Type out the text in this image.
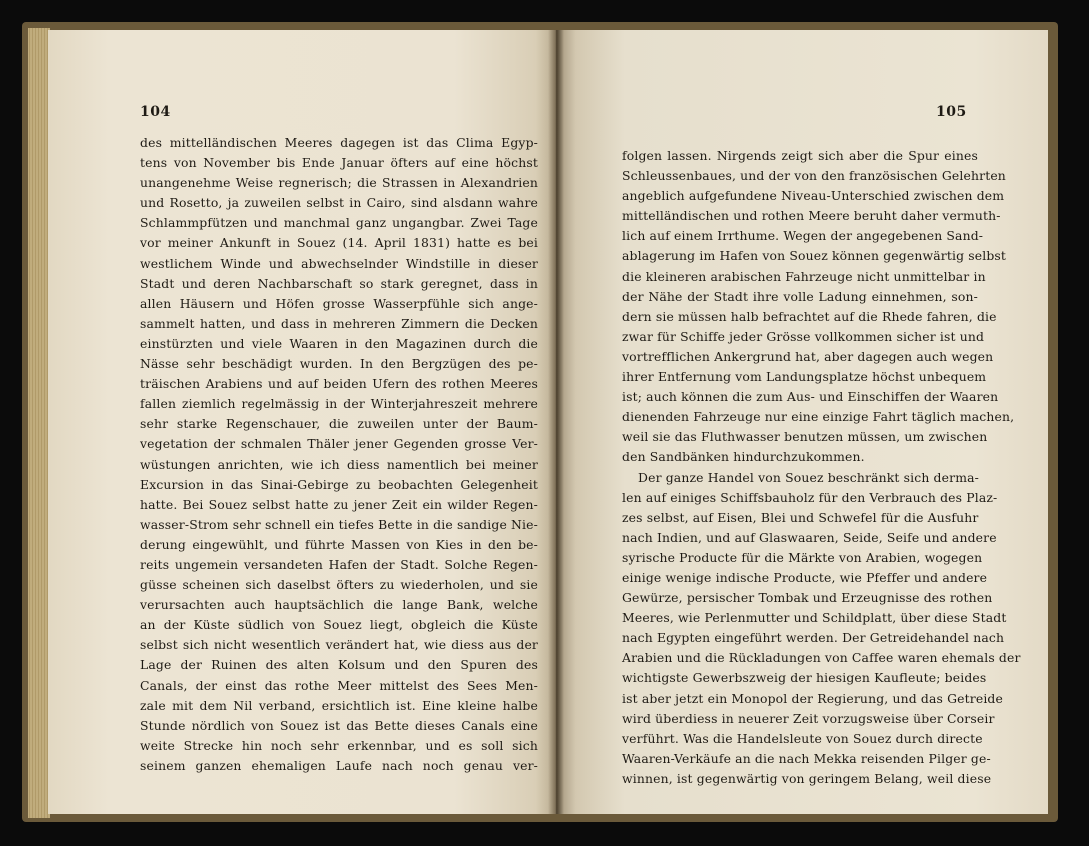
104
des mittelländischen Meeres dagegen ist das Clima Egyp-
tens von November bis Ende Januar öfters auf eine höchst
unangenehme Weise regnerisch; die Strassen in Alexandrien
und Rosetto, ja zuweilen selbst in Cairo, sind alsdann wahre
Schlammpfützen und manchmal ganz ungangbar. Zwei Tage
vor meiner Ankunft in Souez (14. April 1831) hatte es bei
westlichem Winde und abwechselnder Windstille in dieser
Stadt und deren Nachbarschaft so stark geregnet, dass in
allen Häusern und Höfen grosse Wasserpfühle sich ange-
sammelt hatten, und dass in mehreren Zimmern die Decken
einstürzten und viele Waaren in den Magazinen durch die
Nässe sehr beschädigt wurden. In den Bergzügen des pe-
träischen Arabiens und auf beiden Ufern des rothen Meeres
fallen ziemlich regelmässig in der Winterjahreszeit mehrere
sehr starke Regenschauer, die zuweilen unter der Baum-
vegetation der schmalen Thäler jener Gegenden grosse Ver-
wüstungen anrichten, wie ich diess namentlich bei meiner
Excursion in das Sinai-Gebirge zu beobachten Gelegenheit
hatte. Bei Souez selbst hatte zu jener Zeit ein wilder Regen-
wasser-Strom sehr schnell ein tiefes Bette in die sandige Nie-
derung eingewühlt, und führte Massen von Kies in den be-
reits ungemein versandeten Hafen der Stadt. Solche Regen-
güsse scheinen sich daselbst öfters zu wiederholen, und sie
verursachten auch hauptsächlich die lange Bank, welche
an der Küste südlich von Souez liegt, obgleich die Küste
selbst sich nicht wesentlich verändert hat, wie diess aus der
Lage der Ruinen des alten Kolsum und den Spuren des
Canals, der einst das rothe Meer mittelst des Sees Men-
zale mit dem Nil verband, ersichtlich ist. Eine kleine halbe
Stunde nördlich von Souez ist das Bette dieses Canals eine
weite Strecke hin noch sehr erkennbar, und es soll sich
seinem ganzen ehemaligen Laufe nach noch genau ver-
105
folgen lassen. Nirgends zeigt sich aber die Spur eines
Schleussenbaues, und der von den französischen Gelehrten
angeblich aufgefundene Niveau-Unterschied zwischen dem
mittelländischen und rothen Meere beruht daher vermuth-
lich auf einem Irrthume. Wegen der angegebenen Sand-
ablagerung im Hafen von Souez können gegenwärtig selbst
die kleineren arabischen Fahrzeuge nicht unmittelbar in
der Nähe der Stadt ihre volle Ladung einnehmen, son-
dern sie müssen halb befrachtet auf die Rhede fahren, die
zwar für Schiffe jeder Grösse vollkommen sicher ist und
vortrefflichen Ankergrund hat, aber dagegen auch wegen
ihrer Entfernung vom Landungsplatze höchst unbequem
ist; auch können die zum Aus- und Einschiffen der Waaren
dienenden Fahrzeuge nur eine einzige Fahrt täglich machen,
weil sie das Fluthwasser benutzen müssen, um zwischen
den Sandbänken hindurchzukommen.
Der ganze Handel von Souez beschränkt sich derma-
len auf einiges Schiffsbauholz für den Verbrauch des Plaz-
zes selbst, auf Eisen, Blei und Schwefel für die Ausfuhr
nach Indien, und auf Glaswaaren, Seide, Seife und andere
syrische Producte für die Märkte von Arabien, wogegen
einige wenige indische Producte, wie Pfeffer und andere
Gewürze, persischer Tombak und Erzeugnisse des rothen
Meeres, wie Perlenmutter und Schildplatt, über diese Stadt
nach Egypten eingeführt werden. Der Getreidehandel nach
Arabien und die Rückladungen von Caffee waren ehemals der
wichtigste Gewerbszweig der hiesigen Kaufleute; beides
ist aber jetzt ein Monopol der Regierung, und das Getreide
wird überdiess in neuerer Zeit vorzugsweise über Corseir
verführt. Was die Handelsleute von Souez durch directe
Waaren-Verkäufe an die nach Mekka reisenden Pilger ge-
winnen, ist gegenwärtig von geringem Belang, weil diese
